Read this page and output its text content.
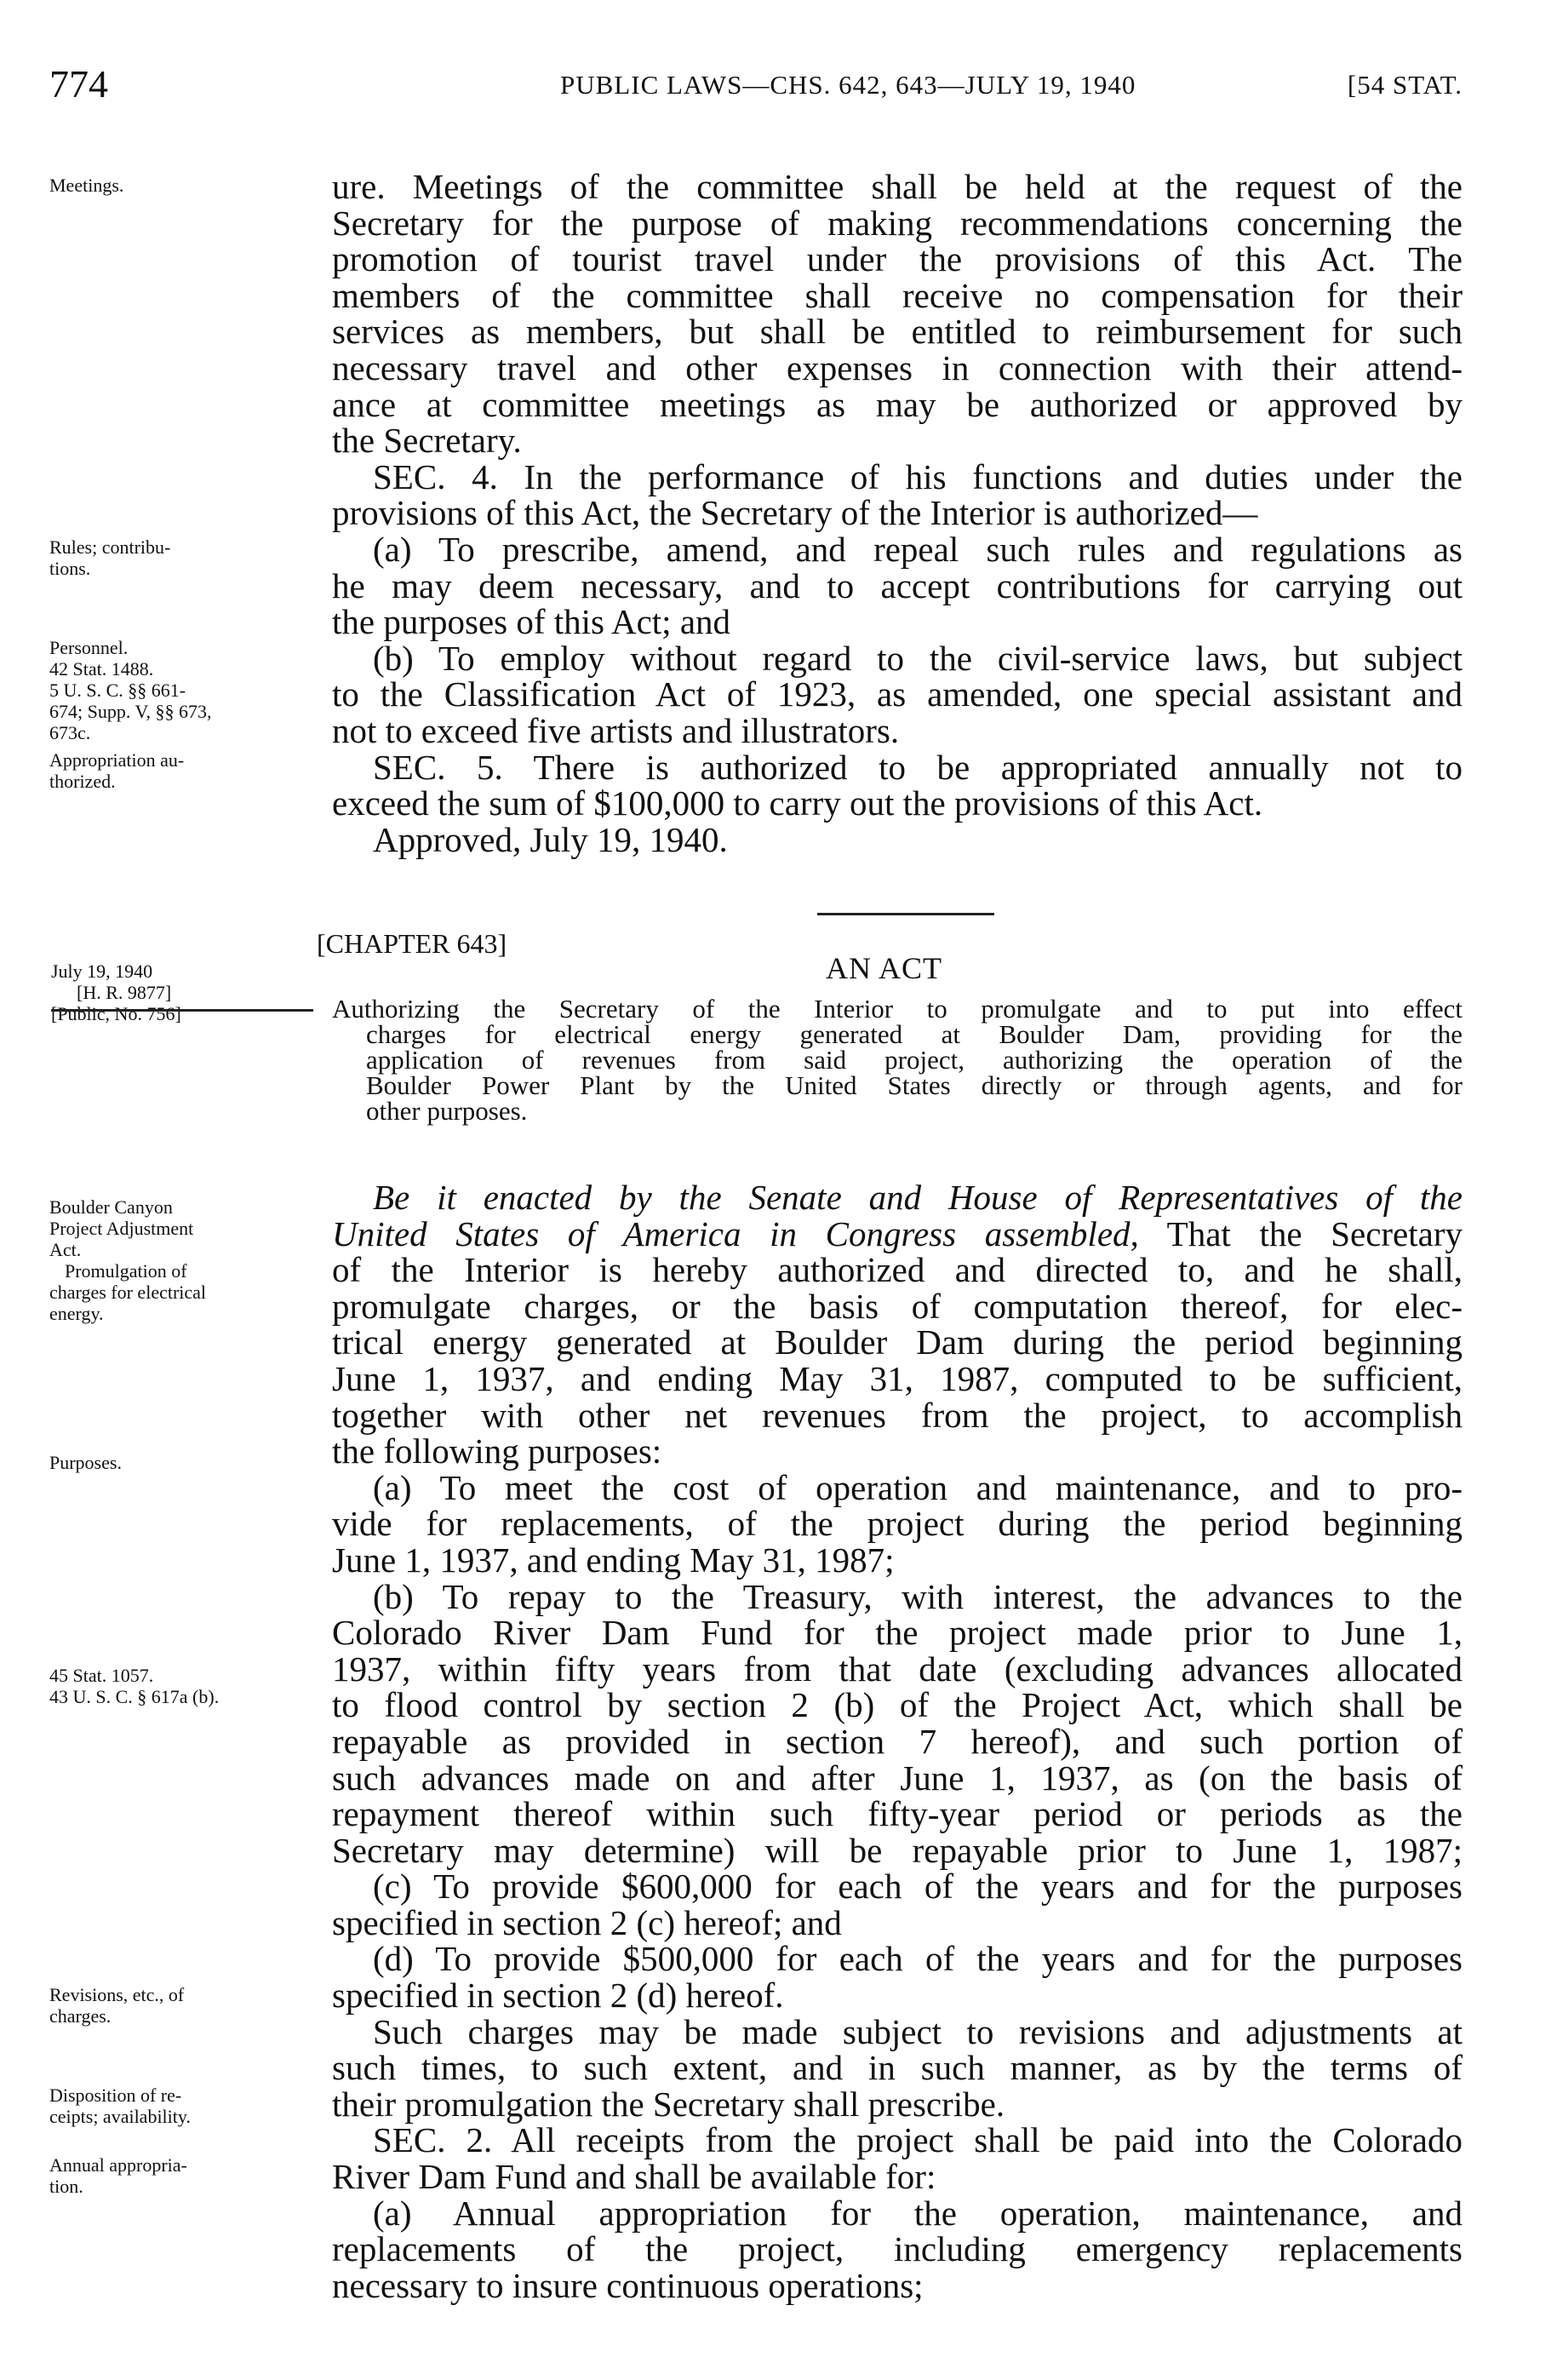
774	PUBLIC LAWS—CHS. 642, 643—JULY 19, 1940	[54 STAT.
Meetings.
Rules; contribu-
tions.
Personnel.
42 Stat. 1488.
5 U. S. C. §§ 661-
674; Supp. V, §§ 673,
673c.
Appropriation au-
thorized.
July 19, 1940
[H. R. 9877]
[Public, No. 756]
Boulder Canyon
Project Adjustment
Act.
Promulgation of
charges for electrical
energy.
Purposes.
45 Stat. 1057.
43 U. S. C. § 617a (b).
Revisions, etc., of
charges.
Disposition of re-
ceipts; availability.
Annual appropria-
tion.
ure. Meetings of the committee shall be held at the request of the
Secretary for the purpose of making recommendations concerning the
promotion of tourist travel under the provisions of this Act. The
members of the committee shall receive no compensation for their
services as members, but shall be entitled to reimbursement for such
necessary travel and other expenses in connection with their attend-
ance at committee meetings as may be authorized or approved by
the Secretary.
SEC. 4. In the performance of his functions and duties under the
provisions of this Act, the Secretary of the Interior is authorized—
(a) To prescribe, amend, and repeal such rules and regulations as
he may deem necessary, and to accept contributions for carrying out
the purposes of this Act; and
(b) To employ without regard to the civil-service laws, but subject
to the Classification Act of 1923, as amended, one special assistant and
not to exceed five artists and illustrators.
SEC. 5. There is authorized to be appropriated annually not to
exceed the sum of $100,000 to carry out the provisions of this Act.
Approved, July 19, 1940.
[CHAPTER 643]
AN ACT
Authorizing the Secretary of the Interior to promulgate and to put into effect
charges for electrical energy generated at Boulder Dam, providing for the
application of revenues from said project, authorizing the operation of the
Boulder Power Plant by the United States directly or through agents, and for
other purposes.
Be it enacted by the Senate and House of Representatives of the
United States of America in Congress assembled, That the Secretary
of the Interior is hereby authorized and directed to, and he shall,
promulgate charges, or the basis of computation thereof, for elec-
trical energy generated at Boulder Dam during the period beginning
June 1, 1937, and ending May 31, 1987, computed to be sufficient,
together with other net revenues from the project, to accomplish
the following purposes:
(a) To meet the cost of operation and maintenance, and to pro-
vide for replacements, of the project during the period beginning
June 1, 1937, and ending May 31, 1987;
(b) To repay to the Treasury, with interest, the advances to the
Colorado River Dam Fund for the project made prior to June 1,
1937, within fifty years from that date (excluding advances allocated
to flood control by section 2 (b) of the Project Act, which shall be
repayable as provided in section 7 hereof), and such portion of
such advances made on and after June 1, 1937, as (on the basis of
repayment thereof within such fifty-year period or periods as the
Secretary may determine) will be repayable prior to June 1, 1987;
(c) To provide $600,000 for each of the years and for the purposes
specified in section 2 (c) hereof; and
(d) To provide $500,000 for each of the years and for the purposes
specified in section 2 (d) hereof.
Such charges may be made subject to revisions and adjustments at
such times, to such extent, and in such manner, as by the terms of
their promulgation the Secretary shall prescribe.
SEC. 2. All receipts from the project shall be paid into the Colorado
River Dam Fund and shall be available for:
(a) Annual appropriation for the operation, maintenance, and
replacements of the project, including emergency replacements
necessary to insure continuous operations;
